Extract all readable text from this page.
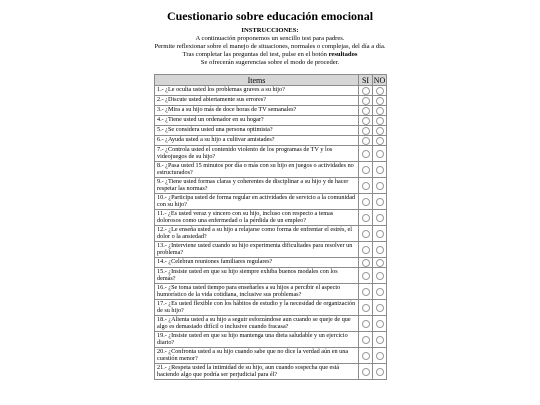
Cuestionario sobre educación emocional
INSTRUCCIONES:
A continuación proponemos un sencillo test para padres.
Permite reflexionar sobre el manejo de situaciones, normales o complejas, del día a día.
Tras completar las preguntas del test, pulse en el botón resultados
Se ofrecerán sugerencias sobre el modo de proceder.
Items	SI	NO
1.- ¿Le oculta usted los problemas graves a su hijo?		
2.- ¿Discute usted abiertamente sus errores?		
3.- ¿Mira a su hijo más de doce horas de TV semanales?		
4.- ¿Tiene usted un ordenador en su hogar?		
5.- ¿Se considera usted una persona optimista?		
6.- ¿Ayuda usted a su hijo a cultivar amistades?		
7.- ¿Controla usted el contenido violento de los programas de TV y los videojuegos de su hijo?		
8.- ¿Pasa usted 15 minutos por día o más con su hijo en juegos o actividades no estructurados?		
9.- ¿Tiene usted formas claras y coherentes de disciplinar a su hijo y de hacer respetar las normas?		
10.- ¿Participa usted de forma regular en actividades de servicio a la comunidad con su hijo?		
11.- ¿Es usted veraz y sincero con su hijo, incluso con respecto a temas dolorosos como una enfermedad o la pérdida de un empleo?		
12.- ¿Le enseña usted a su hijo a relajarse como forma de enfrentar el estrés, el dolor o la ansiedad?		
13.- ¿Interviene usted cuando su hijo experimenta dificultades para resolver un problema?		
14.- ¿Celebran reuniones familiares regulares?		
15.- ¿Insiste usted en que su hijo siempre exhiba buenos modales con los demás?		
16.- ¿Se toma usted tiempo para enseñarles a su hijos a percibir el aspecto humorístico de la vida cotidiana, inclusive sus problemas?		
17.- ¿Es usted flexible con los hábitos de estudio y la necesidad de organización de su hijo?		
18.- ¿Alienta usted a su hijo a seguir esforzándose aun cuando se queje de que algo es demasiado difícil o inclusive cuando fracasa?		
19.- ¿Insiste usted en que su hijo mantenga una dieta saludable y un ejercicio diario?		
20.- ¿Confronta usted a su hijo cuando sabe que no dice la verdad aún en una cuestión menor?		
21.- ¿Respeta usted la intimidad de su hijo, aun cuando sospecha que está haciendo algo que podría ser perjudicial para él?		
